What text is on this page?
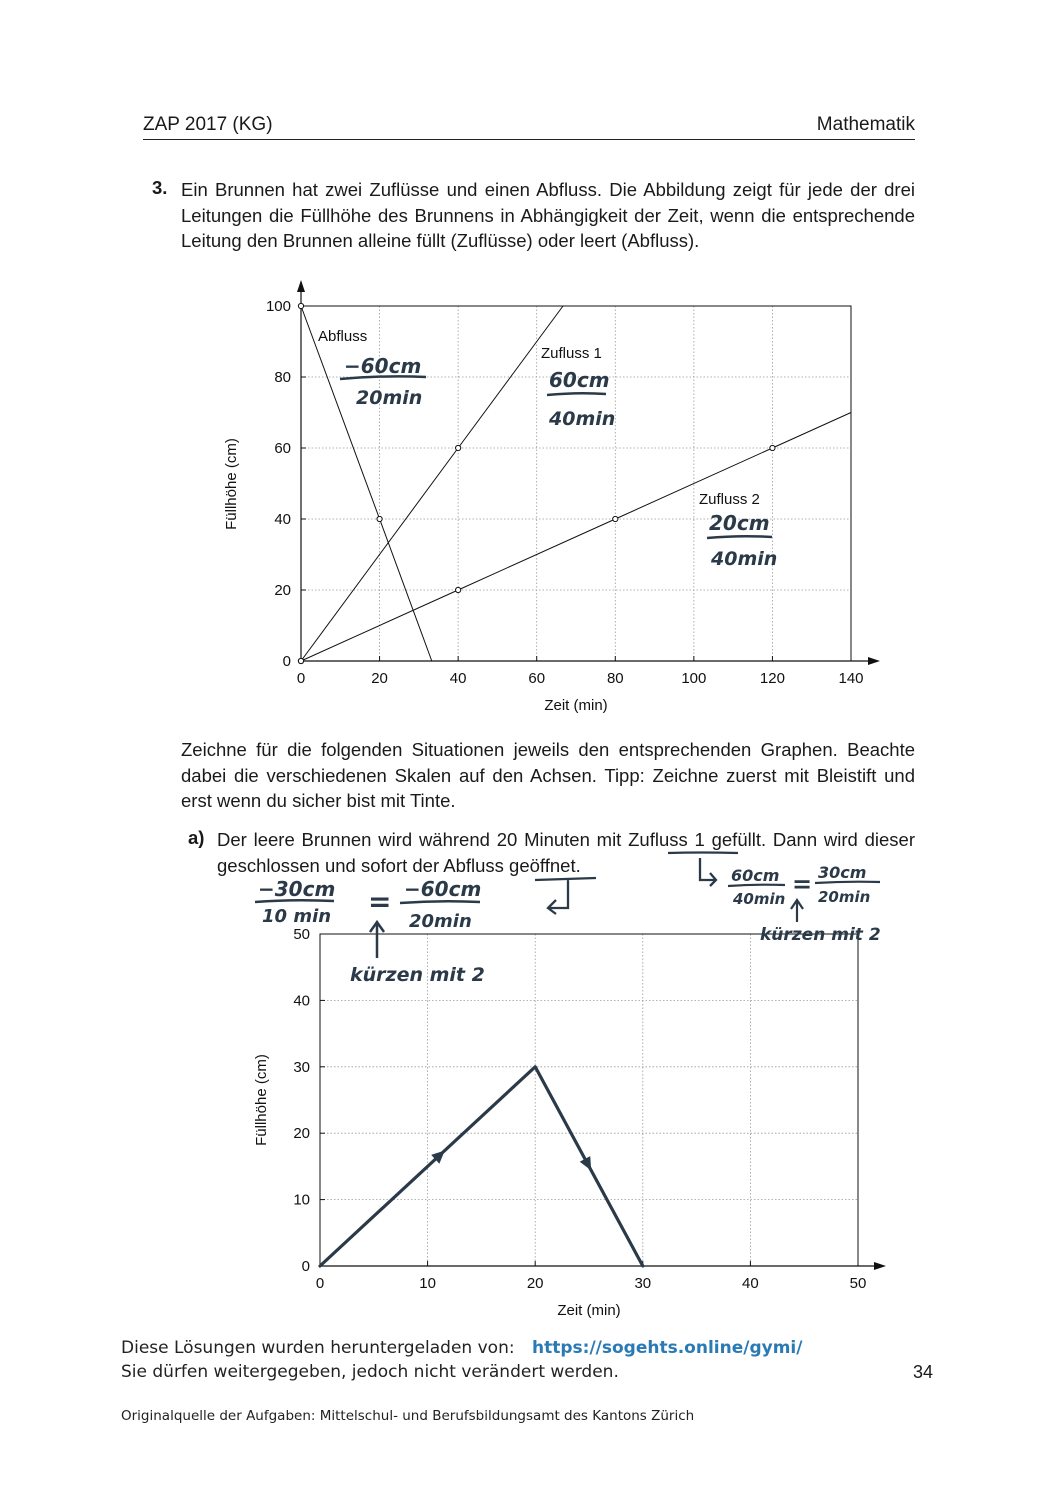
ZAP 2017 (KG)	Mathematik
3. Ein Brunnen hat zwei Zuflüsse und einen Abfluss. Die Abbildung zeigt für jede der drei Leitungen die Füllhöhe des Brunnens in Abhängigkeit der Zeit, wenn die entsprechende Leitung den Brunnen alleine füllt (Zuflüsse) oder leert (Abfluss).
Zeichne für die folgenden Situationen jeweils den entsprechenden Graphen. Beachte dabei die verschiedenen Skalen auf den Achsen. Tipp: Zeichne zuerst mit Bleistift und erst wenn du sicher bist mit Tinte.
a) Der leere Brunnen wird während 20 Minuten mit Zufluss 1 gefüllt. Dann wird dieser geschlossen und sofort der Abfluss geöffnet.
0	20	40	60	80	100	120	140
0
20
40
60
80
100
Zeit (min)
Füllhöhe (cm)
Abfluss
Zufluss 1
Zufluss 2
−60cm
20min
60cm
40min
20cm
40min
0	10	20	30	40	50
0
10
20
30
40
50
Zeit (min)
Füllhöhe (cm)
−30cm
10 min = −60cm
20min
kürzen mit 2
60cm
40min
= 30cm
20min
kürzen mit 2
Diese Lösungen wurden heruntergeladen von: https://sogehts.online/gymi/
Sie dürfen weitergegeben, jedoch nicht verändert werden.	34
Originalquelle der Aufgaben: Mittelschul- und Berufsbildungsamt des Kantons Zürich
